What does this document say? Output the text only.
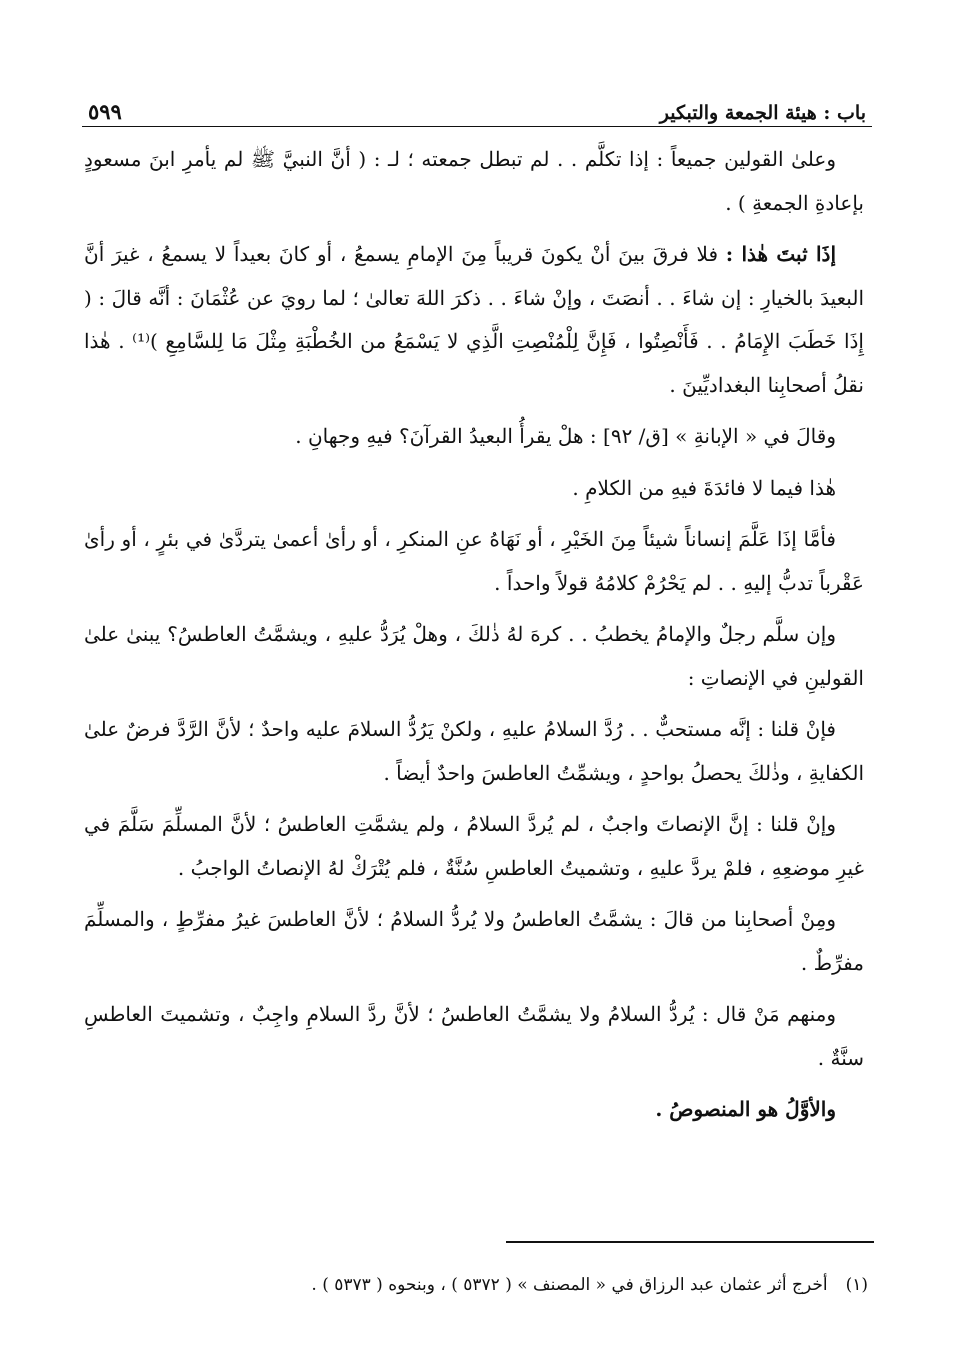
باب : هيئة الجمعة والتبكير
٥٩٩

وعلىٰ القولين جميعاً : إذا تكلَّم . . لم تبطل جمعته ؛ لـ : ( أنَّ النبيَّ ﷺ لم يأمرِ ابنَ مسعودٍ بإعادةِ الجمعةِ ) .

إذَا ثبتَ هٰذا : فلا فرقَ بينَ أنْ يكونَ قريباً مِنَ الإمامِ يسمعُ ، أو كانَ بعيداً لا يسمعُ ، غيرَ أنَّ البعيدَ بالخيارِ : إن شاءَ . . أنصَتَ ، وإنْ شاءَ . . ذكرَ اللهَ تعالىٰ ؛ لما رويَ عن عُثْمَانَ : أنَّه قالَ : ( إِذَا خَطَبَ الإِمَامُ . . فَأَنْصِتُوا ، فَإِنَّ لِلْمُنْصِتِ الَّذِي لا يَسْمَعُ من الخُطْبَةِ مِثْلَ مَا لِلسَّامِعِ )⁽¹⁾ . هٰذا نقلُ أصحابِنا البغداديِّينَ .

وقالَ في « الإبانةِ » [ق/ ٩٢] : هلْ يقرأُ البعيدُ القرآنَ؟ فيهِ وجهانِ .

هٰذا فيما لا فائدَةَ فيهِ من الكلامِ .

فأمَّا إذَا عَلَّمَ إنساناً شيئاً مِنَ الخَيْرِ ، أو نَهَاهُ عنِ المنكرِ ، أو رأىٰ أعمىٰ يتردَّىٰ في بئرٍ ، أو رأىٰ عَقْرباً تدبُّ إليهِ . . لم يَحْرُمْ كلامُهُ قولاً واحداً .

وإن سلَّم رجلٌ والإمامُ يخطبُ . . كرهَ لهُ ذٰلكَ ، وهلْ يُرَدُّ عليهِ ، ويشمَّتُ العاطسُ؟ يبنىٰ علىٰ القولينِ في الإنصاتِ :

فإنْ قلنا : إنَّه مستحبٌّ . . رُدَّ السلامُ عليهِ ، ولكنْ يَرُدُّ السلامَ عليه واحدٌ ؛ لأنَّ الرَّدَّ فرضٌ علىٰ الكفايةِ ، وذٰلكَ يحصلُ بواحدٍ ، ويشمِّتُ العاطسَ واحدٌ أيضاً .

وإنْ قلنا : إنَّ الإنصاتَ واجبٌ ، لم يُردَّ السلامُ ، ولم يشمَّتِ العاطسُ ؛ لأنَّ المسلِّمَ سَلَّمَ في غيرِ موضعِهِ ، فلمْ يردَّ عليهِ ، وتشميتُ العاطسِ سُنَّةٌ ، فلم يُتْرَكْ لهُ الإنصاتُ الواجبُ .

ومِنْ أصحابِنا من قالَ : يشمَّتُ العاطسُ ولا يُردُّ السلامُ ؛ لأنَّ العاطسَ غيرُ مفرِّطٍ ، والمسلِّمَ مفرِّطٌ .

ومنهم مَنْ قال : يُردُّ السلامُ ولا يشمَّتُ العاطسُ ؛ لأنَّ ردَّ السلامِ واجِبٌ ، وتشميتَ العاطسِ سنَّةٌ .

والأوَّلُ هو المنصوصُ .

(١)أخرج أثر عثمان عبد الرزاق في « المصنف » ( ٥٣٧٢ ) ، وبنحوه ( ٥٣٧٣ ) .
